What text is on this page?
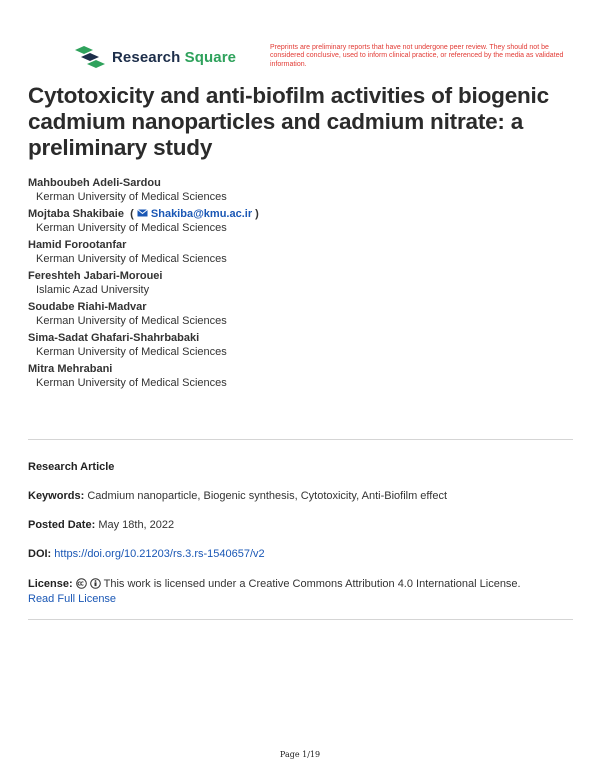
Research Square
Preprints are preliminary reports that have not undergone peer review. They should not be considered conclusive, used to inform clinical practice, or referenced by the media as validated information.
Cytotoxicity and anti-biofilm activities of biogenic cadmium nanoparticles and cadmium nitrate: a preliminary study
Mahboubeh Adeli-Sardou
Kerman University of Medical Sciences
Mojtaba Shakibaie  (  Shakiba@kmu.ac.ir )
Kerman University of Medical Sciences
Hamid Forootanfar
Kerman University of Medical Sciences
Fereshteh Jabari-Morouei
Islamic Azad University
Soudabe Riahi-Madvar
Kerman University of Medical Sciences
Sima-Sadat Ghafari-Shahrbabaki
Kerman University of Medical Sciences
Mitra Mehrabani
Kerman University of Medical Sciences
Research Article
Keywords: Cadmium nanoparticle, Biogenic synthesis, Cytotoxicity, Anti-Biofilm effect
Posted Date: May 18th, 2022
DOI: https://doi.org/10.21203/rs.3.rs-1540657/v2
License:	This work is licensed under a Creative Commons Attribution 4.0 International License.
Read Full License
Page 1/19
